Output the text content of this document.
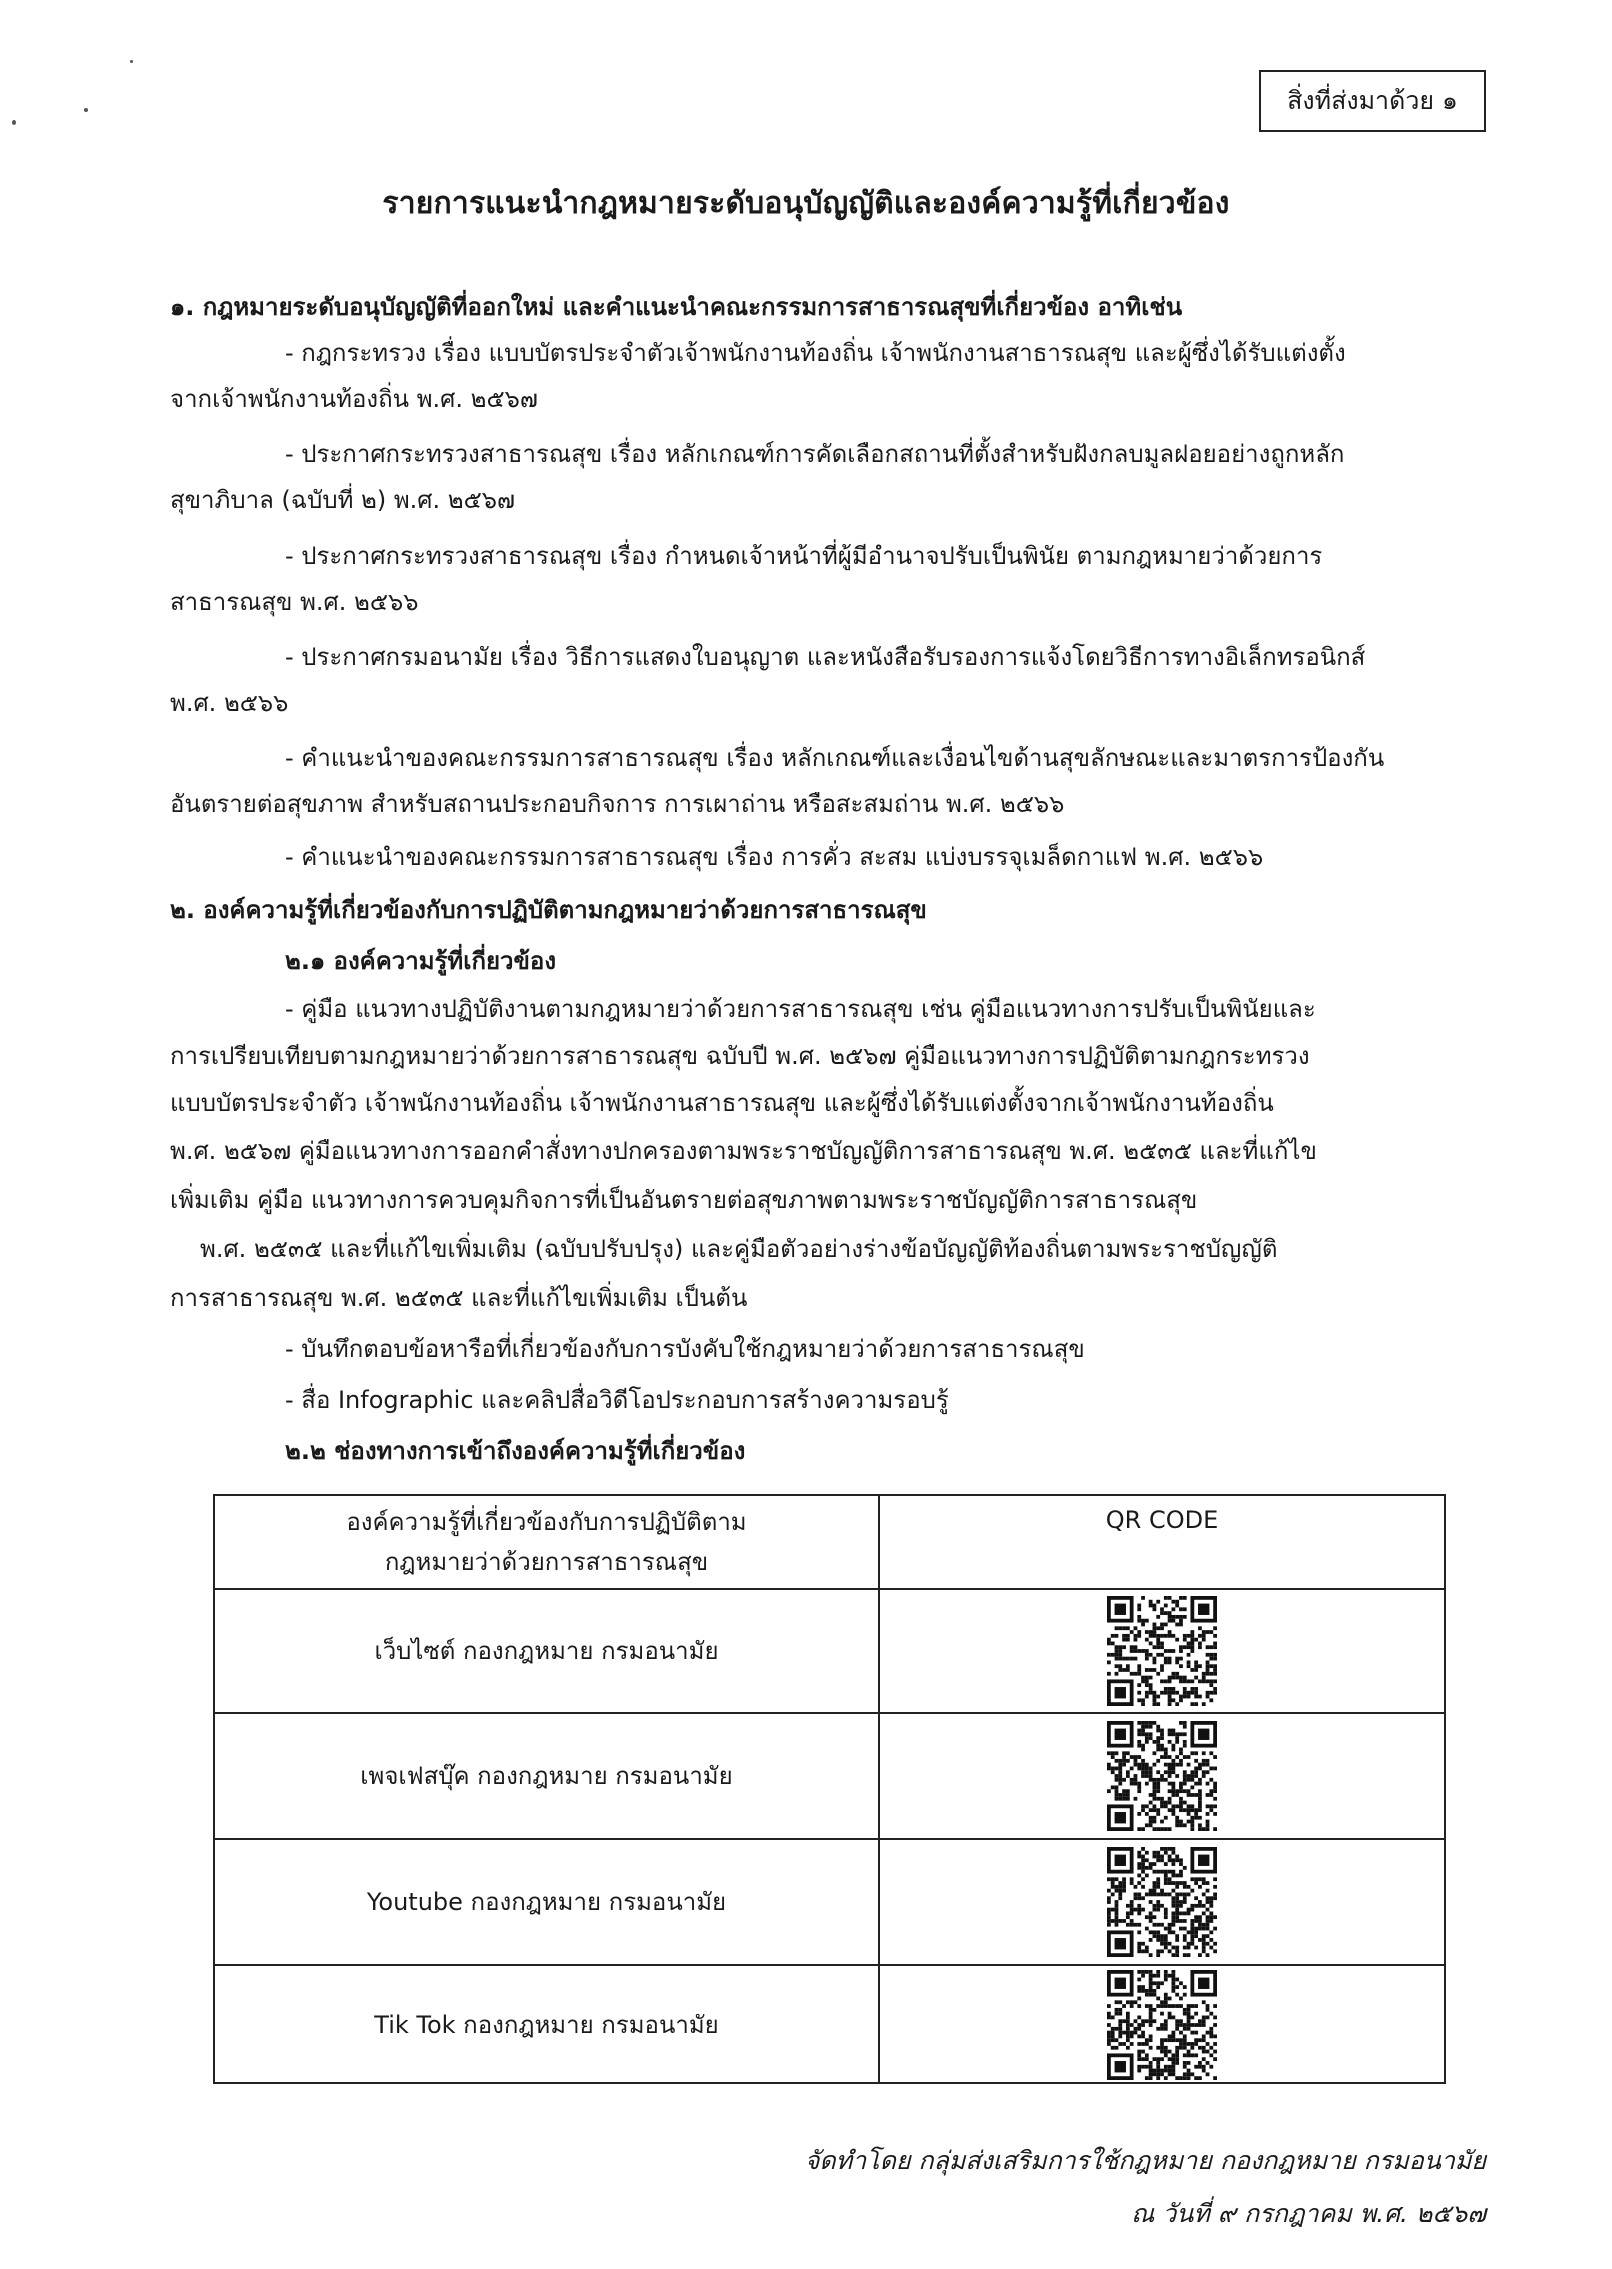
สิ่งที่ส่งมาด้วย ๑
รายการแนะนำกฎหมายระดับอนุบัญญัติและองค์ความรู้ที่เกี่ยวข้อง
๑. กฎหมายระดับอนุบัญญัติที่ออกใหม่ และคำแนะนำคณะกรรมการสาธารณสุขที่เกี่ยวข้อง อาทิเช่น
- กฎกระทรวง เรื่อง แบบบัตรประจำตัวเจ้าพนักงานท้องถิ่น เจ้าพนักงานสาธารณสุข และผู้ซึ่งได้รับแต่งตั้ง
จากเจ้าพนักงานท้องถิ่น พ.ศ. ๒๕๖๗
- ประกาศกระทรวงสาธารณสุข เรื่อง หลักเกณฑ์การคัดเลือกสถานที่ตั้งสำหรับฝังกลบมูลฝอยอย่างถูกหลัก
สุขาภิบาล (ฉบับที่ ๒) พ.ศ. ๒๕๖๗
- ประกาศกระทรวงสาธารณสุข เรื่อง กำหนดเจ้าหน้าที่ผู้มีอำนาจปรับเป็นพินัย ตามกฎหมายว่าด้วยการ
สาธารณสุข พ.ศ. ๒๕๖๖
- ประกาศกรมอนามัย เรื่อง วิธีการแสดงใบอนุญาต และหนังสือรับรองการแจ้งโดยวิธีการทางอิเล็กทรอนิกส์
พ.ศ. ๒๕๖๖
- คำแนะนำของคณะกรรมการสาธารณสุข เรื่อง หลักเกณฑ์และเงื่อนไขด้านสุขลักษณะและมาตรการป้องกัน
อันตรายต่อสุขภาพ สำหรับสถานประกอบกิจการ การเผาถ่าน หรือสะสมถ่าน พ.ศ. ๒๕๖๖
- คำแนะนำของคณะกรรมการสาธารณสุข เรื่อง การคั่ว สะสม แบ่งบรรจุเมล็ดกาแฟ พ.ศ. ๒๕๖๖
๒. องค์ความรู้ที่เกี่ยวข้องกับการปฏิบัติตามกฎหมายว่าด้วยการสาธารณสุข
๒.๑ องค์ความรู้ที่เกี่ยวข้อง
- คู่มือ แนวทางปฏิบัติงานตามกฎหมายว่าด้วยการสาธารณสุข เช่น คู่มือแนวทางการปรับเป็นพินัยและ
การเปรียบเทียบตามกฎหมายว่าด้วยการสาธารณสุข ฉบับปี พ.ศ. ๒๕๖๗ คู่มือแนวทางการปฏิบัติตามกฎกระทรวง
แบบบัตรประจำตัว เจ้าพนักงานท้องถิ่น เจ้าพนักงานสาธารณสุข และผู้ซึ่งได้รับแต่งตั้งจากเจ้าพนักงานท้องถิ่น
พ.ศ. ๒๕๖๗ คู่มือแนวทางการออกคำสั่งทางปกครองตามพระราชบัญญัติการสาธารณสุข พ.ศ. ๒๕๓๕ และที่แก้ไข
เพิ่มเติม คู่มือ แนวทางการควบคุมกิจการที่เป็นอันตรายต่อสุขภาพตามพระราชบัญญัติการสาธารณสุข
พ.ศ. ๒๕๓๕ และที่แก้ไขเพิ่มเติม (ฉบับปรับปรุง) และคู่มือตัวอย่างร่างข้อบัญญัติท้องถิ่นตามพระราชบัญญัติ
การสาธารณสุข พ.ศ. ๒๕๓๕ และที่แก้ไขเพิ่มเติม เป็นต้น
- บันทึกตอบข้อหารือที่เกี่ยวข้องกับการบังคับใช้กฎหมายว่าด้วยการสาธารณสุข
- สื่อ Infographic และคลิปสื่อวิดีโอประกอบการสร้างความรอบรู้
๒.๒ ช่องทางการเข้าถึงองค์ความรู้ที่เกี่ยวข้อง
องค์ความรู้ที่เกี่ยวข้องกับการปฏิบัติตาม
กฎหมายว่าด้วยการสาธารณสุข
QR CODE
เว็บไซต์ กองกฎหมาย กรมอนามัย
เพจเฟสบุ๊ค กองกฎหมาย กรมอนามัย
Youtube กองกฎหมาย กรมอนามัย
Tik Tok กองกฎหมาย กรมอนามัย
จัดทำโดย กลุ่มส่งเสริมการใช้กฎหมาย กองกฎหมาย กรมอนามัย
ณ วันที่ ๙ กรกฎาคม พ.ศ. ๒๕๖๗
